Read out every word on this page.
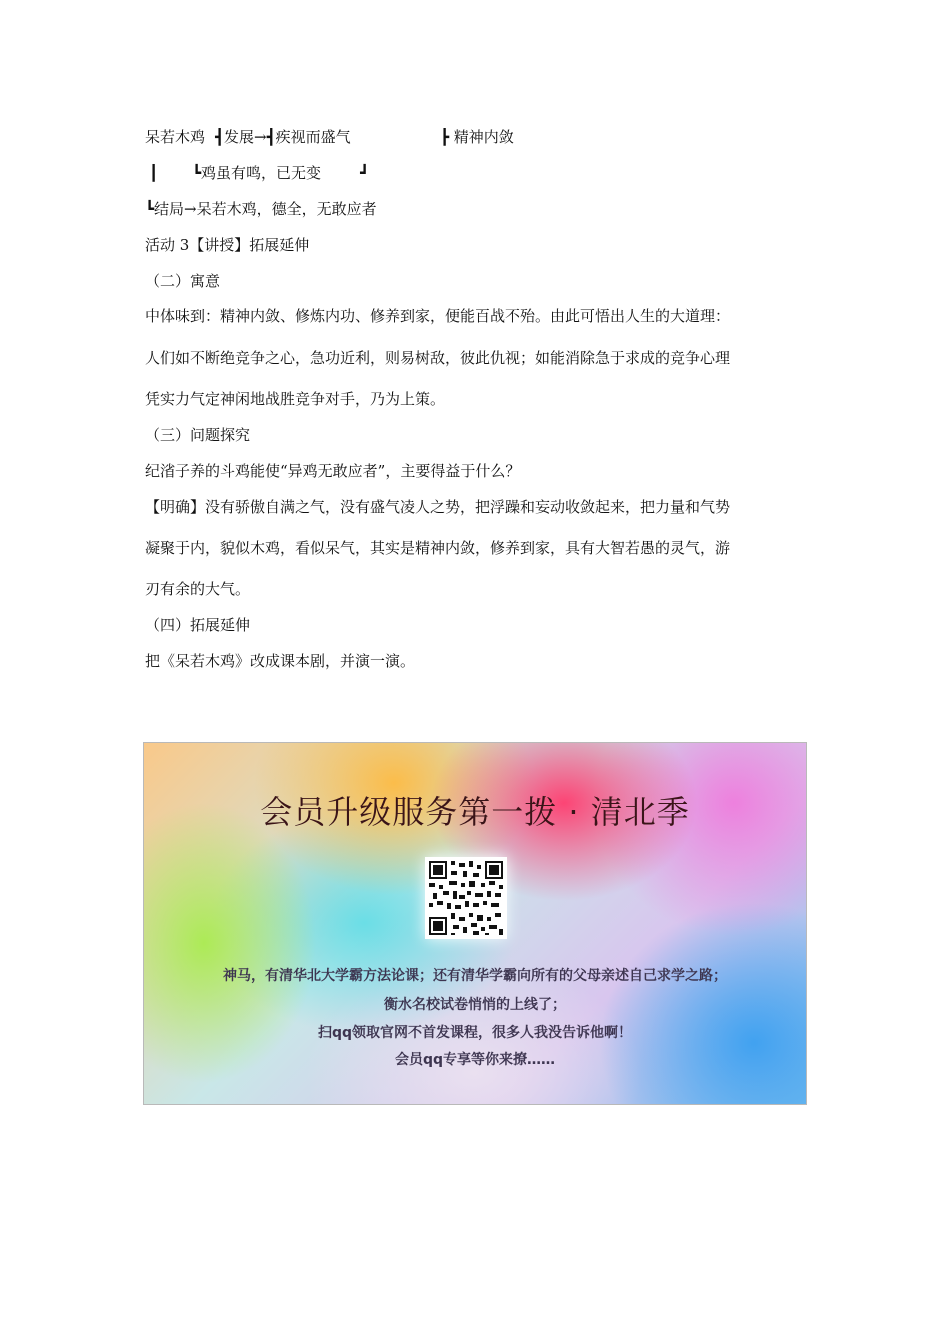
呆若木鸡 ┫发展→┫疾视而盛气	┣ 精神内敛
┃ ┗鸡虽有鸣，已无变	┛
┗结局→呆若木鸡，德全，无敢应者
活动 3【讲授】拓展延伸
（二）寓意
中体味到：精神内敛、修炼内功、修养到家，便能百战不殆。由此可悟出人生的大道理：
人们如不断绝竞争之心，急功近利，则易树敌，彼此仇视；如能消除急于求成的竞争心理
凭实力气定神闲地战胜竞争对手，乃为上策。
（三）问题探究
纪渻子养的斗鸡能使“异鸡无敢应者”，主要得益于什么？
【明确】没有骄傲自满之气，没有盛气凌人之势，把浮躁和妄动收敛起来，把力量和气势
凝聚于内，貌似木鸡，看似呆气，其实是精神内敛，修养到家，具有大智若愚的灵气，游
刃有余的大气。
（四）拓展延伸
把《呆若木鸡》改成课本剧，并演一演。
会员升级服务第一拨 · 清北季
神马，有清华北大学霸方法论课；还有清华学霸向所有的父母亲述自己求学之路；
衡水名校试卷悄悄的上线了；
扫qq领取官网不首发课程，很多人我没告诉他啊！
会员qq专享等你来撩……
